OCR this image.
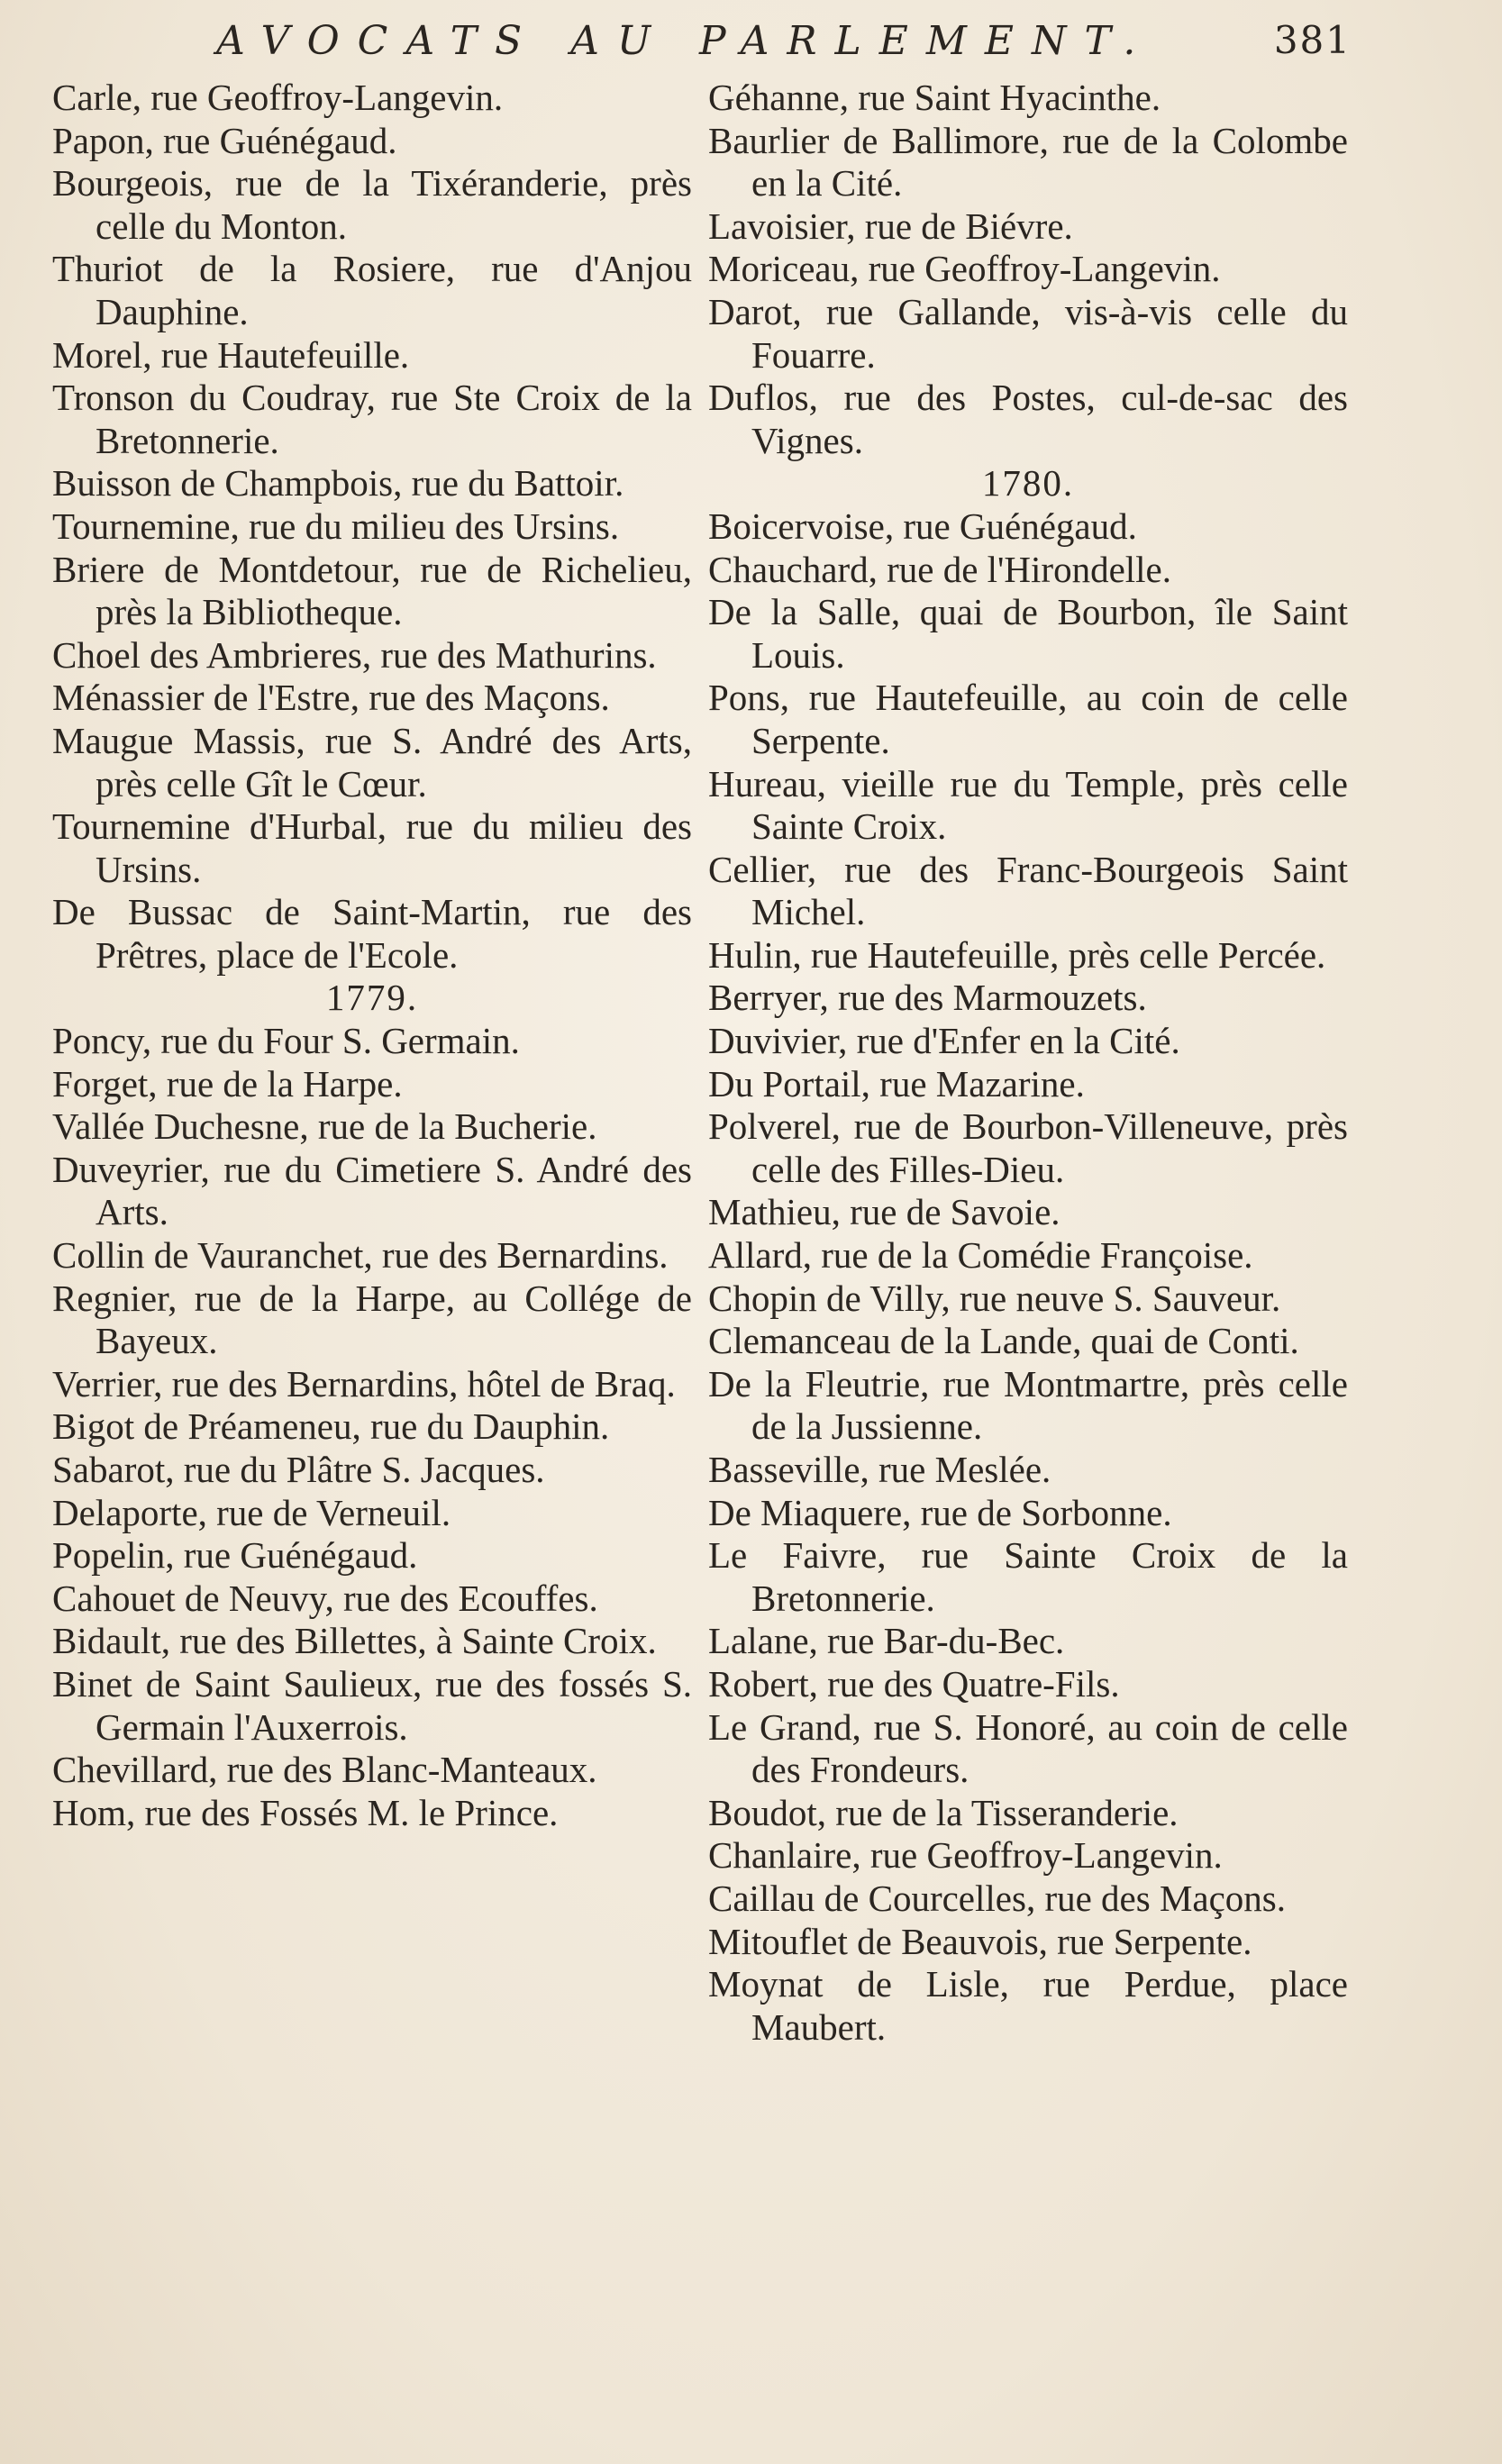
AVOCATS AU PARLEMENT.	381

Carle, rue Geoffroy-Langevin.

Papon, rue Guénégaud.

Bourgeois, rue de la Tixéranderie, près celle du Monton.

Thuriot de la Rosiere, rue d'Anjou Dauphine.

Morel, rue Hautefeuille.

Tronson du Coudray, rue Ste Croix de la Bretonnerie.

Buisson de Champbois, rue du Battoir.

Tournemine, rue du milieu des Ursins.

Briere de Montdetour, rue de Richelieu, près la Bibliotheque.

Choel des Ambrieres, rue des Mathurins.

Ménassier de l'Estre, rue des Maçons.

Maugue Massis, rue S. André des Arts, près celle Gît le Cœur.

Tournemine d'Hurbal, rue du milieu des Ursins.

De Bussac de Saint-Martin, rue des Prêtres, place de l'Ecole.

1779.

Poncy, rue du Four S. Germain.

Forget, rue de la Harpe.

Vallée Duchesne, rue de la Bucherie.

Duveyrier, rue du Cimetiere S. André des Arts.

Collin de Vauranchet, rue des Bernardins.

Regnier, rue de la Harpe, au Collége de Bayeux.

Verrier, rue des Bernardins, hôtel de Braq.

Bigot de Préameneu, rue du Dauphin.

Sabarot, rue du Plâtre S. Jacques.

Delaporte, rue de Verneuil.

Popelin, rue Guénégaud.

Cahouet de Neuvy, rue des Ecouffes.

Bidault, rue des Billettes, à Sainte Croix.

Binet de Saint Saulieux, rue des fossés S. Germain l'Auxerrois.

Chevillard, rue des Blanc-Manteaux.

Hom, rue des Fossés M. le Prince.

Géhanne, rue Saint Hyacinthe.

Baurlier de Ballimore, rue de la Colombe en la Cité.

Lavoisier, rue de Biévre.

Moriceau, rue Geoffroy-Langevin.

Darot, rue Gallande, vis-à-vis celle du Fouarre.

Duflos, rue des Postes, cul-de-sac des Vignes.

1780.

Boicervoise, rue Guénégaud.

Chauchard, rue de l'Hirondelle.

De la Salle, quai de Bourbon, île Saint Louis.

Pons, rue Hautefeuille, au coin de celle Serpente.

Hureau, vieille rue du Temple, près celle Sainte Croix.

Cellier, rue des Franc-Bourgeois Saint Michel.

Hulin, rue Hautefeuille, près celle Percée.

Berryer, rue des Marmouzets.

Duvivier, rue d'Enfer en la Cité.

Du Portail, rue Mazarine.

Polverel, rue de Bourbon-Villeneuve, près celle des Filles-Dieu.

Mathieu, rue de Savoie.

Allard, rue de la Comédie Françoise.

Chopin de Villy, rue neuve S. Sauveur.

Clemanceau de la Lande, quai de Conti.

De la Fleutrie, rue Montmartre, près celle de la Jussienne.

Basseville, rue Meslée.

De Miaquere, rue de Sorbonne.

Le Faivre, rue Sainte Croix de la Bretonnerie.

Lalane, rue Bar-du-Bec.

Robert, rue des Quatre-Fils.

Le Grand, rue S. Honoré, au coin de celle des Frondeurs.

Boudot, rue de la Tisseranderie.

Chanlaire, rue Geoffroy-Langevin.

Caillau de Courcelles, rue des Maçons.

Mitouflet de Beauvois, rue Serpente.

Moynat de Lisle, rue Perdue, place Maubert.
